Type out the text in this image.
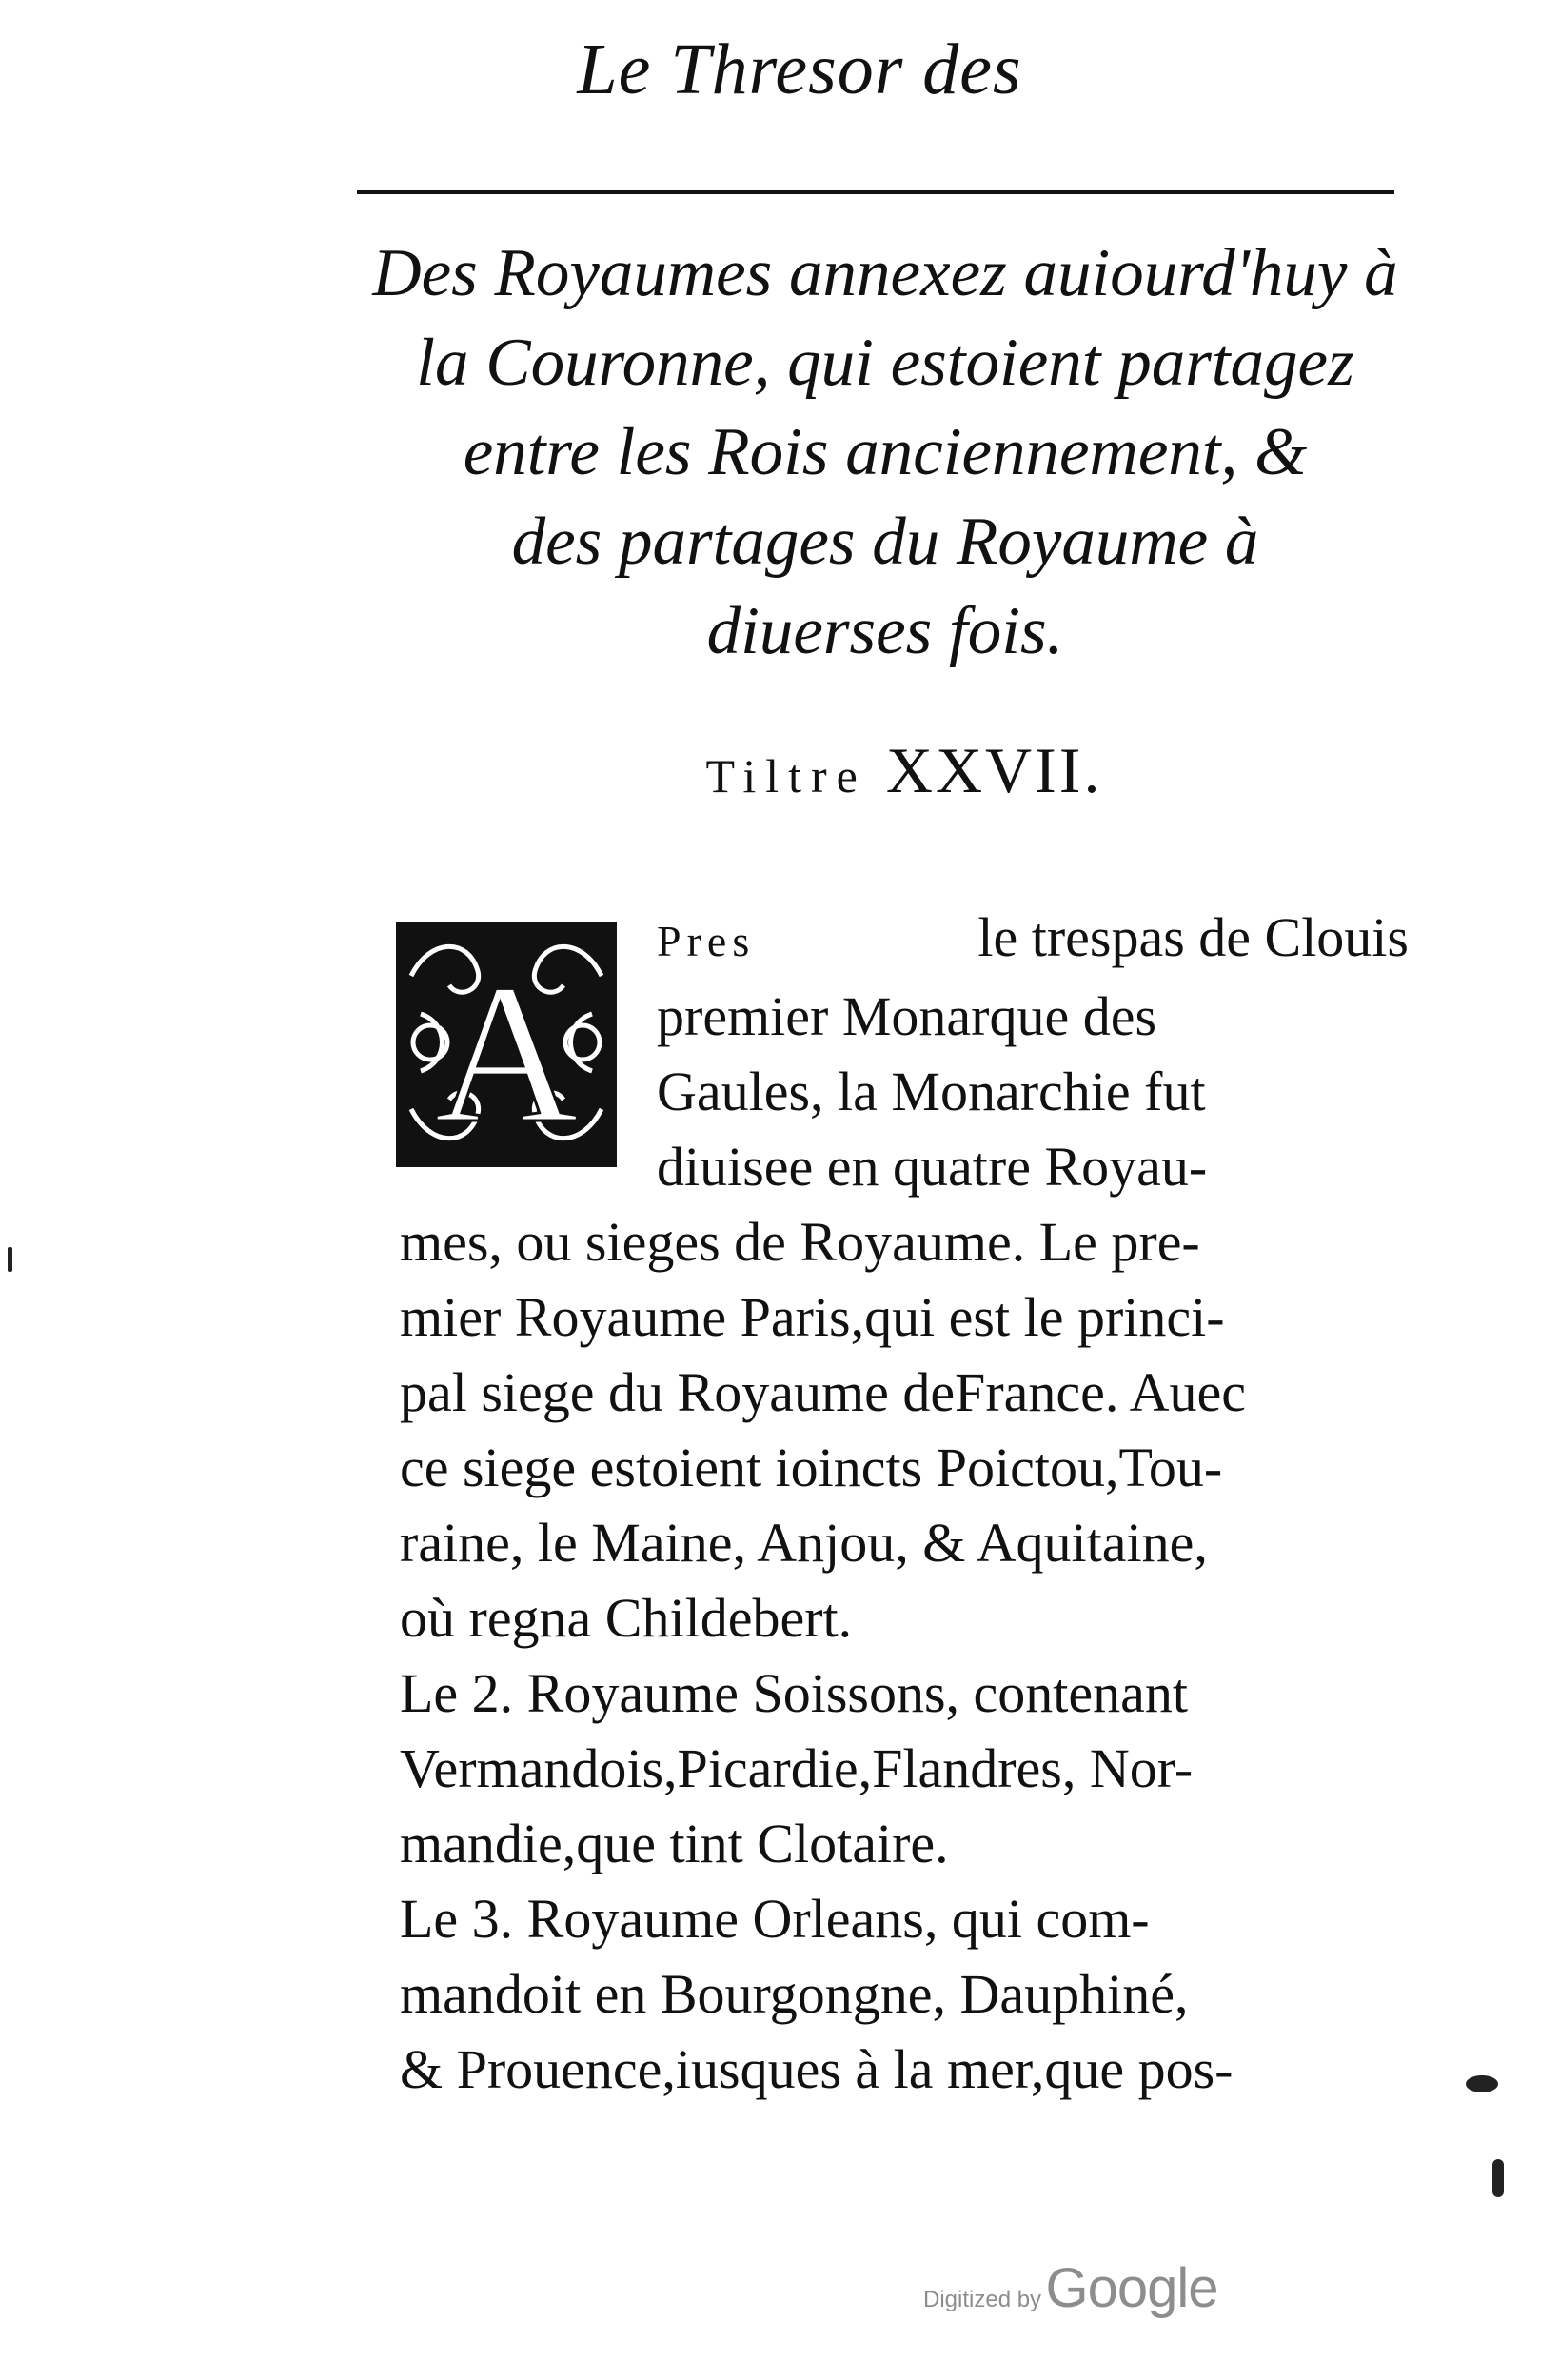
Le Thresor des
Des Royaumes annexez auiourd'huy à
la Couronne, qui estoient partagez
entre les Rois anciennement, &
des partages du Royaume à
diuerses fois.
Tiltre XXVII.
A
Pres	le trespas de Clouis
premier Monarque des
Gaules, la Monarchie fut
diuisee en quatre Royau-
mes, ou sieges de Royaume. Le pre-
mier Royaume Paris,qui est le princi-
pal siege du Royaume deFrance. Auec
ce siege estoient ioincts Poictou,Tou-
raine, le Maine, Anjou, & Aquitaine,
où regna Childebert.
Le 2. Royaume Soissons, contenant
Vermandois,Picardie,Flandres, Nor-
mandie,que tint Clotaire.
Le 3. Royaume Orleans, qui com-
mandoit en Bourgongne, Dauphiné,
& Prouence,iusques à la mer,que pos-
Digitized by Google
